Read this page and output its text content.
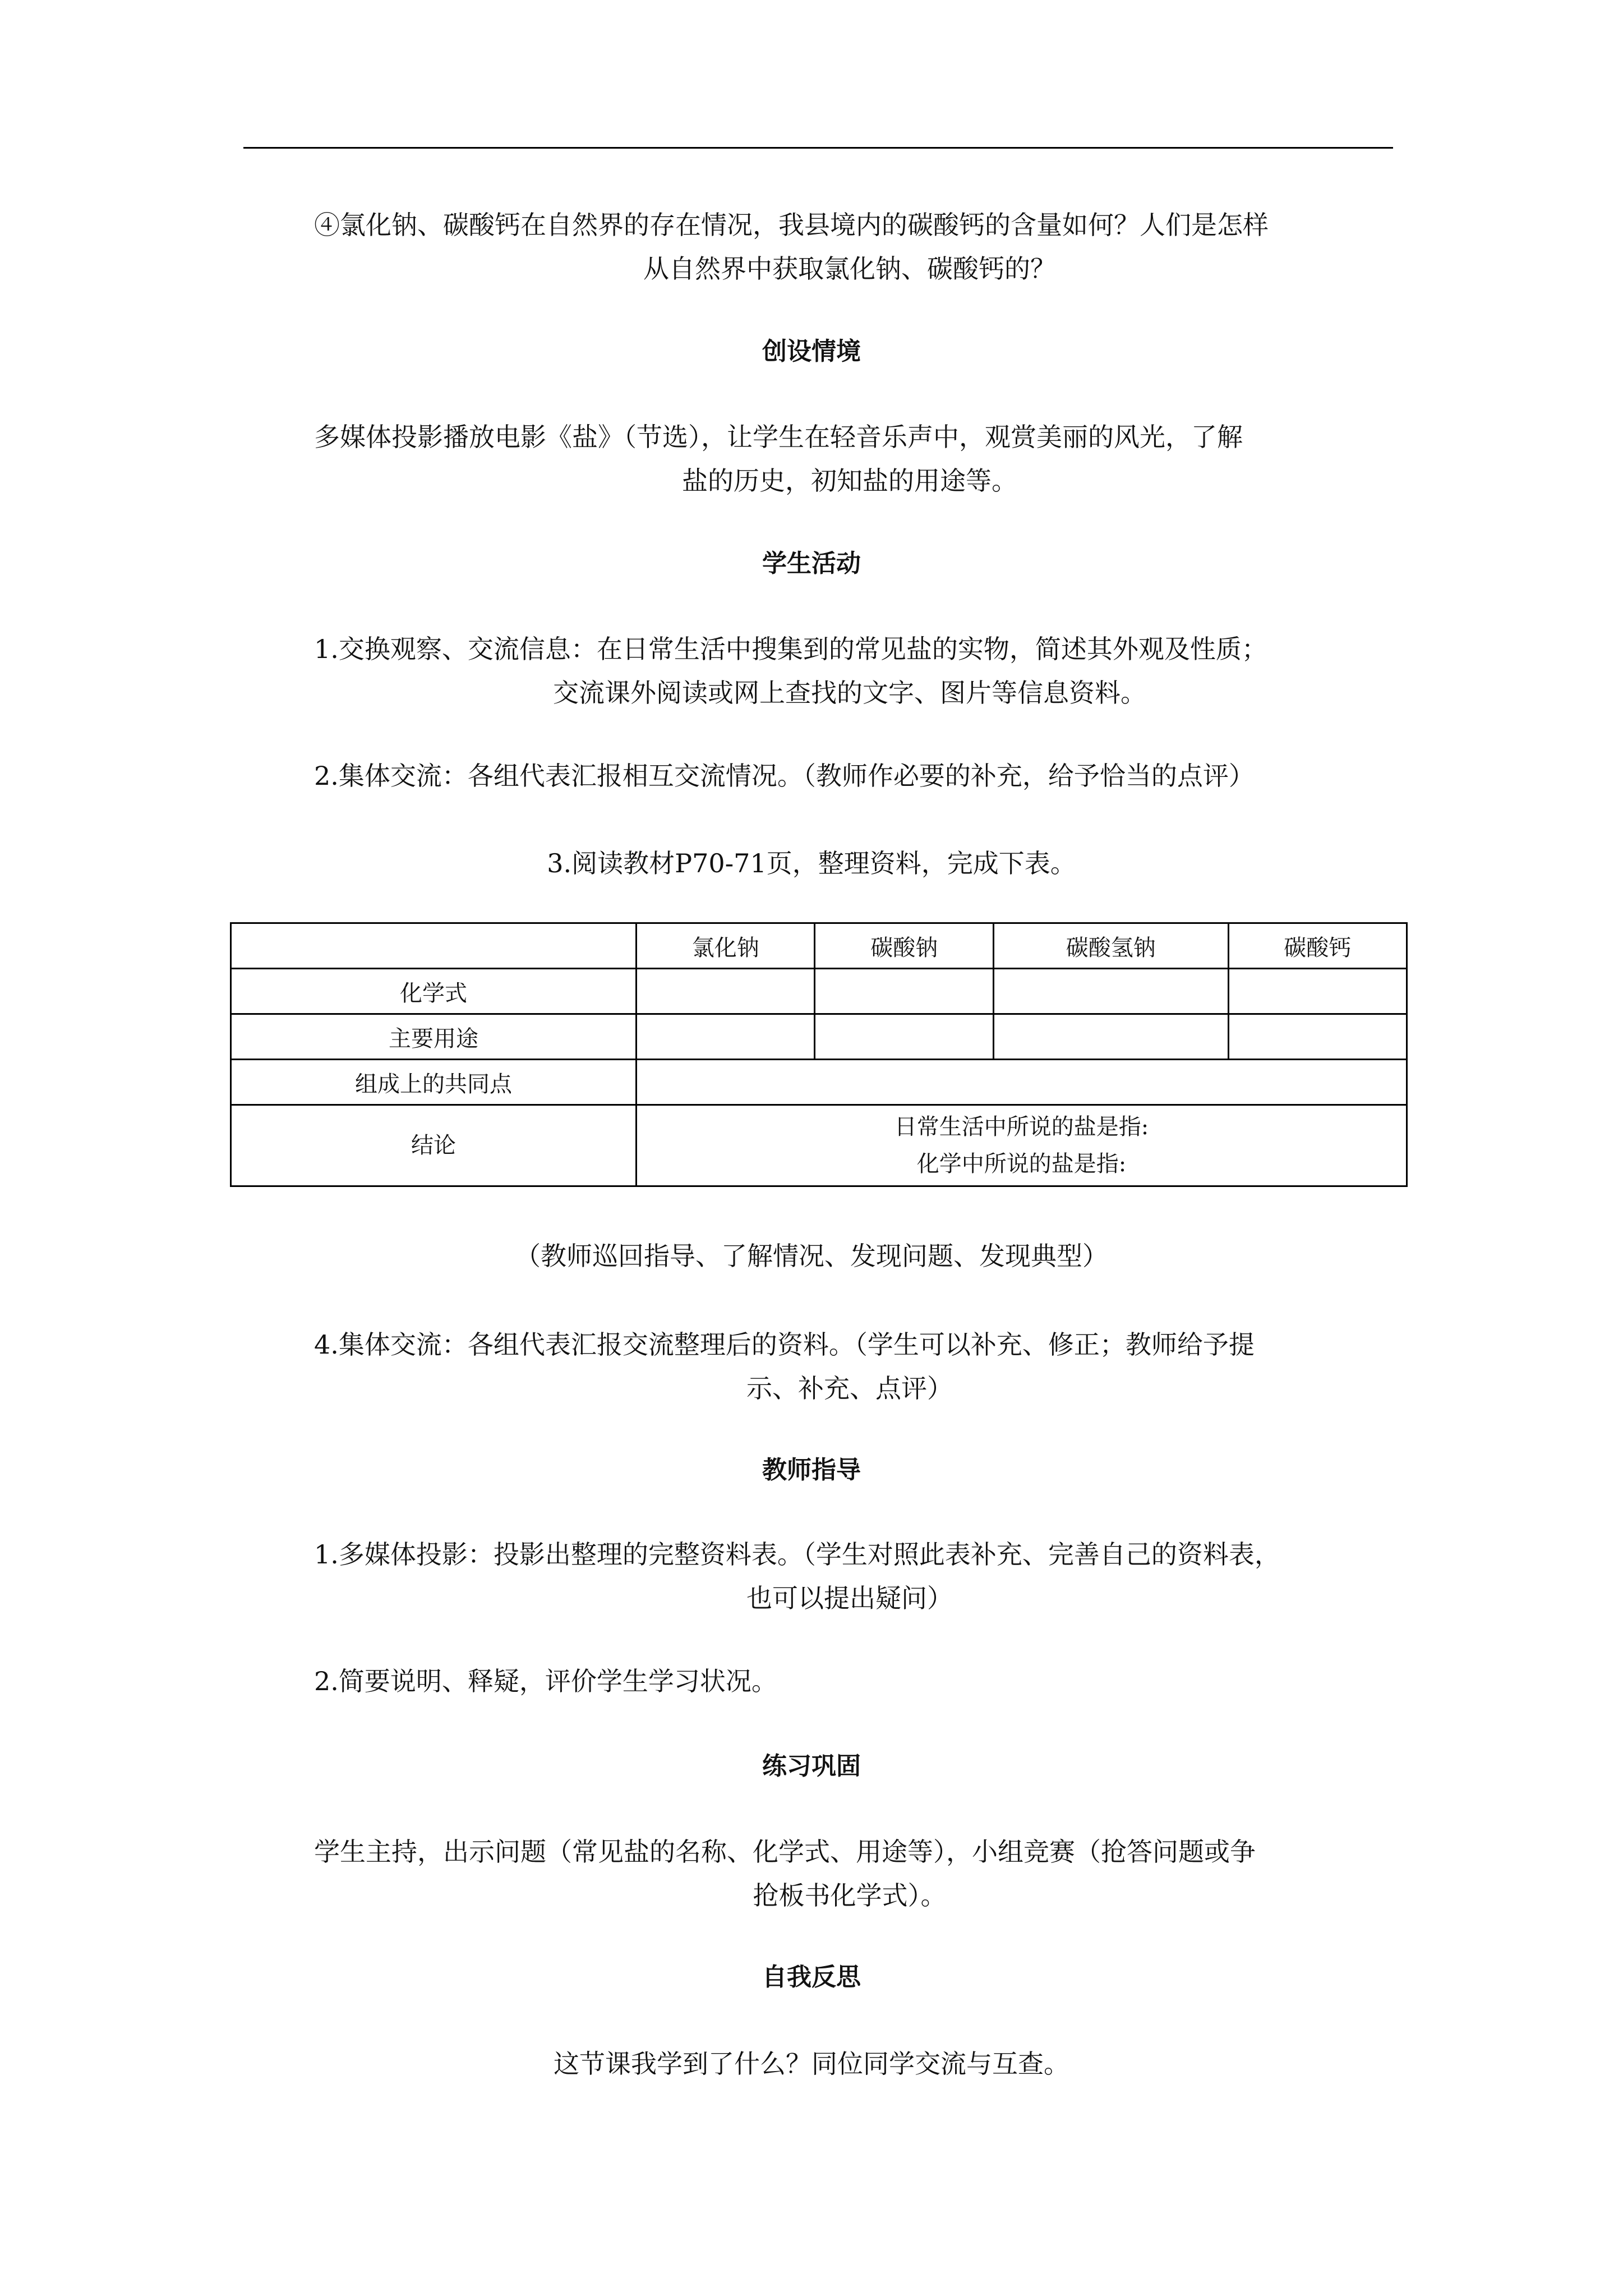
④氯化钠、碳酸钙在自然界的存在情况，我县境内的碳酸钙的含量如何？人们是怎样
从自然界中获取氯化钠、碳酸钙的？

创设情境

多媒体投影播放电影《盐》（节选），让学生在轻音乐声中，观赏美丽的风光，了解
盐的历史，初知盐的用途等。

学生活动

1.交换观察、交流信息：在日常生活中搜集到的常见盐的实物，简述其外观及性质；
交流课外阅读或网上查找的文字、图片等信息资料。

2.集体交流：各组代表汇报相互交流情况。（教师作必要的补充，给予恰当的点评）

3.阅读教材P70-71页，整理资料，完成下表。

	氯化钠	碳酸钠	碳酸氢钠	碳酸钙
化学式				
主要用途				
组成上的共同点				
结论	日常生活中所说的盐是指:
化学中所说的盐是指:			

（教师巡回指导、了解情况、发现问题、发现典型）

4.集体交流：各组代表汇报交流整理后的资料。（学生可以补充、修正；教师给予提
示、补充、点评）

教师指导

1.多媒体投影：投影出整理的完整资料表。（学生对照此表补充、完善自己的资料表，
也可以提出疑问）

2.简要说明、释疑，评价学生学习状况。

练习巩固

学生主持，出示问题（常见盐的名称、化学式、用途等），小组竞赛（抢答问题或争
抢板书化学式）。

自我反思

这节课我学到了什么？同位同学交流与互查。
